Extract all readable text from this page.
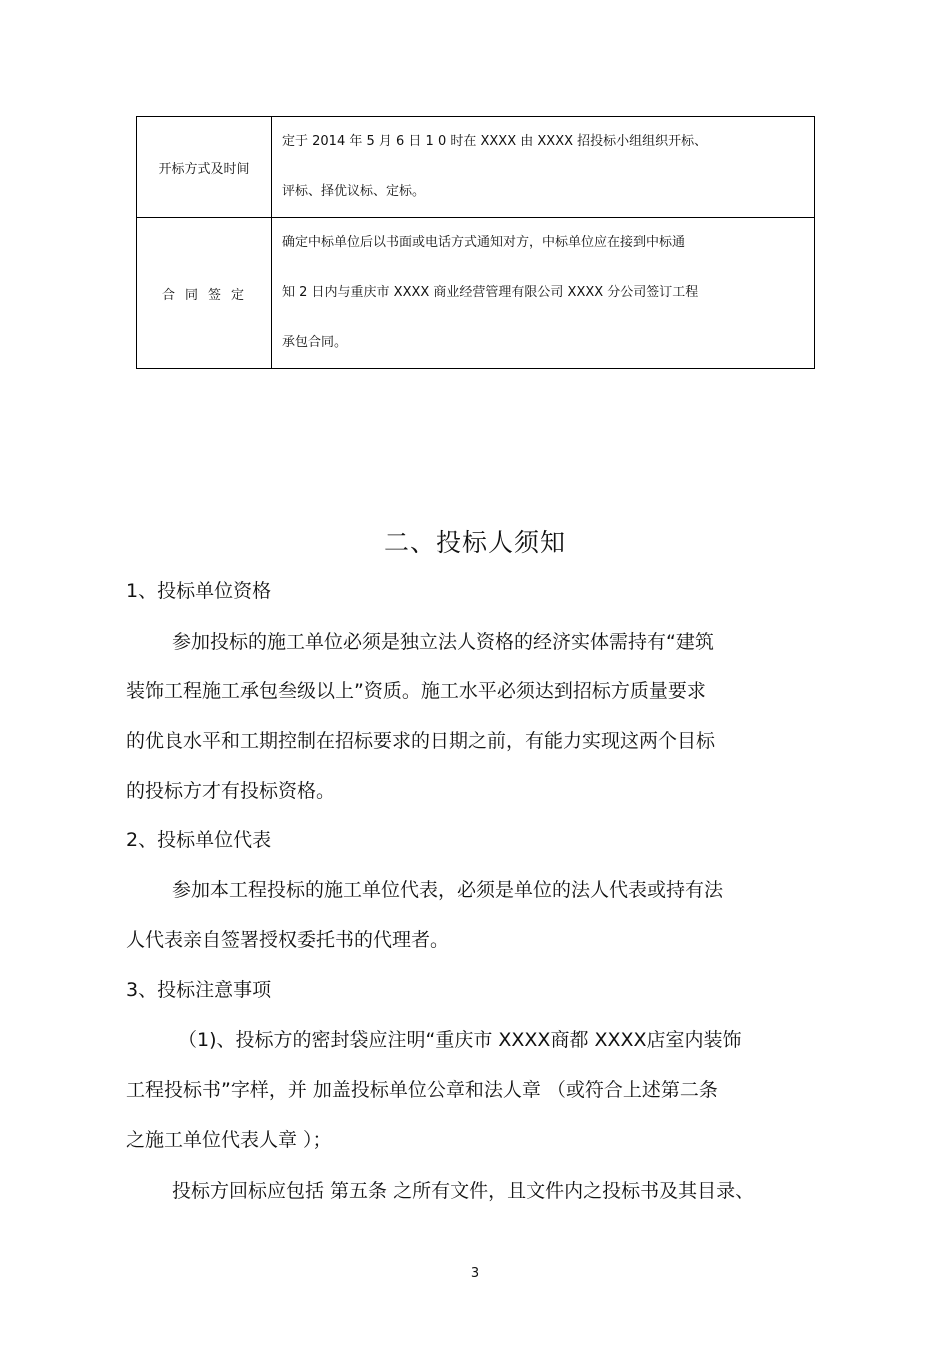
开标方式及时间	定于 2014 年 5 月 6 日 1 0 时在 XXXX 由 XXXX 招投标小组组织开标、
评标、择优议标、定标。

合同签定	确定中标单位后以书面或电话方式通知对方，中标单位应在接到中标通
知 2 日内与重庆市 XXXX 商业经营管理有限公司 XXXX 分公司签订工程
承包合同。
二、投标人须知
1、投标单位资格
参加投标的施工单位必须是独立法人资格的经济实体需持有“建筑
装饰工程施工承包叁级以上”资质。施工水平必须达到招标方质量要求
的优良水平和工期控制在招标要求的日期之前，有能力实现这两个目标
的投标方才有投标资格。
2、投标单位代表
参加本工程投标的施工单位代表，必须是单位的法人代表或持有法
人代表亲自签署授权委托书的代理者。
3、投标注意事项
（1)、投标方的密封袋应注明“重庆市 XXXX商都 XXXX店室内装饰
工程投标书”字样，并 加盖投标单位公章和法人章 （或符合上述第二条
之施工单位代表人章 ）；
投标方回标应包括 第五条 之所有文件，且文件内之投标书及其目录、
3
